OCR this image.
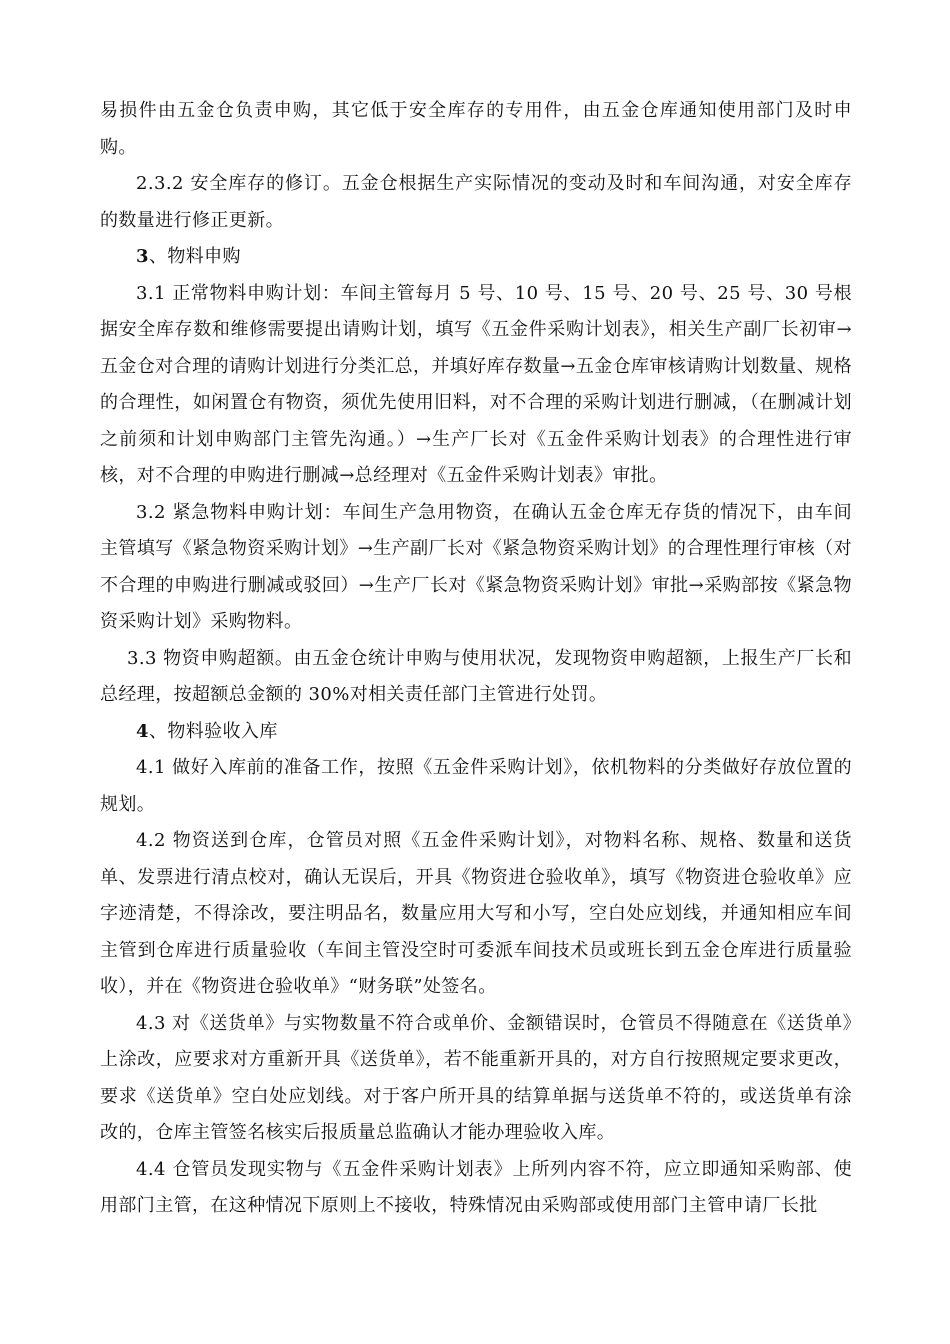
易损件由五金仓负责申购，其它低于安全库存的专用件，由五金仓库通知使用部门及时申购。

2.3.2 安全库存的修订。五金仓根据生产实际情况的变动及时和车间沟通，对安全库存的数量进行修正更新。

3、物料申购

3.1 正常物料申购计划：车间主管每月 5 号、10 号、15 号、20 号、25 号、30 号根据安全库存数和维修需要提出请购计划，填写《五金件采购计划表》，相关生产副厂长初审→五金仓对合理的请购计划进行分类汇总，并填好库存数量→五金仓库审核请购计划数量、规格的合理性，如闲置仓有物资，须优先使用旧料，对不合理的采购计划进行删减，（在删减计划之前须和计划申购部门主管先沟通。）→生产厂长对《五金件采购计划表》的合理性进行审核，对不合理的申购进行删减→总经理对《五金件采购计划表》审批。

3.2 紧急物料申购计划：车间生产急用物资，在确认五金仓库无存货的情况下，由车间主管填写《紧急物资采购计划》→生产副厂长对《紧急物资采购计划》的合理性理行审核（对不合理的申购进行删减或驳回）→生产厂长对《紧急物资采购计划》审批→采购部按《紧急物资采购计划》采购物料。

3.3 物资申购超额。由五金仓统计申购与使用状况，发现物资申购超额，上报生产厂长和总经理，按超额总金额的 30%对相关责任部门主管进行处罚。

4、物料验收入库

4.1 做好入库前的准备工作，按照《五金件采购计划》，依机物料的分类做好存放位置的规划。

4.2 物资送到仓库，仓管员对照《五金件采购计划》，对物料名称、规格、数量和送货单、发票进行清点校对，确认无误后，开具《物资进仓验收单》，填写《物资进仓验收单》应字迹清楚，不得涂改，要注明品名，数量应用大写和小写，空白处应划线，并通知相应车间主管到仓库进行质量验收（车间主管没空时可委派车间技术员或班长到五金仓库进行质量验收），并在《物资进仓验收单》“财务联”处签名。

4.3 对《送货单》与实物数量不符合或单价、金额错误时，仓管员不得随意在《送货单》上涂改，应要求对方重新开具《送货单》，若不能重新开具的，对方自行按照规定要求更改，要求《送货单》空白处应划线。对于客户所开具的结算单据与送货单不符的，或送货单有涂改的，仓库主管签名核实后报质量总监确认才能办理验收入库。

4.4 仓管员发现实物与《五金件采购计划表》上所列内容不符，应立即通知采购部、使用部门主管，在这种情况下原则上不接收，特殊情况由采购部或使用部门主管申请厂长批
